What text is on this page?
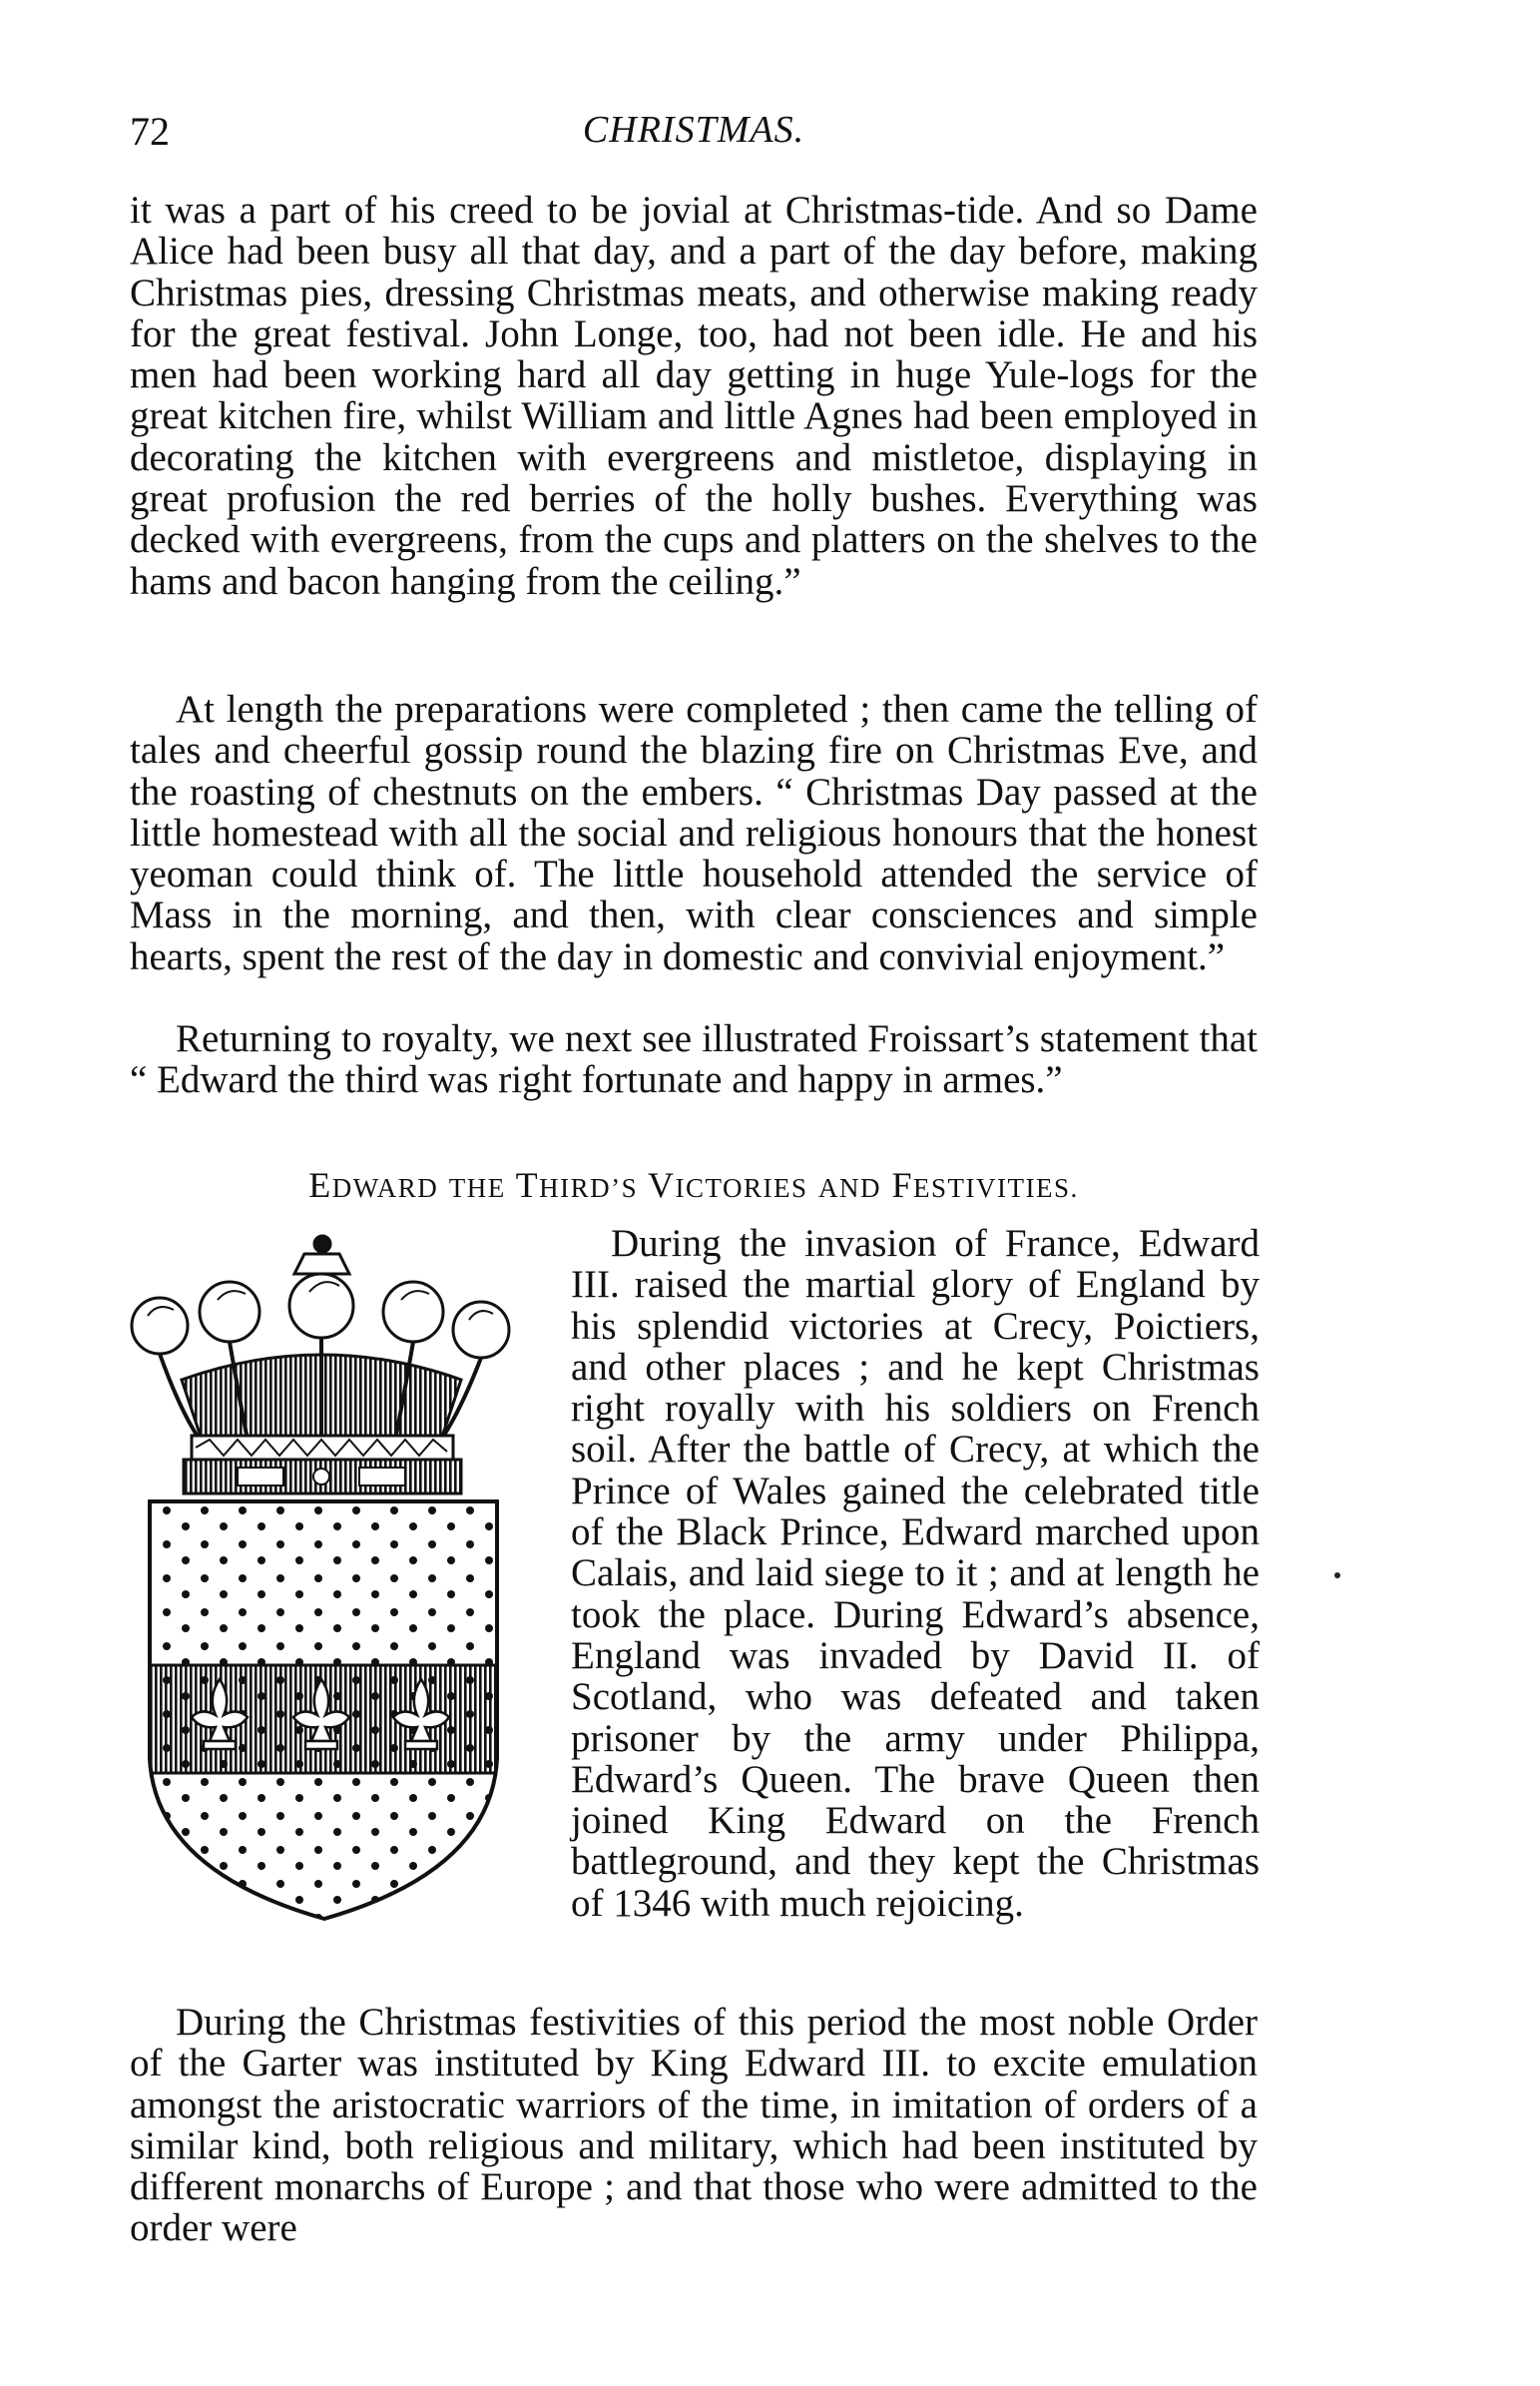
72	CHRISTMAS.

it was a part of his creed to be jovial at Christmas-tide. And so Dame Alice had been busy all that day, and a part of the day before, making Christmas pies, dressing Christmas meats, and otherwise making ready for the great festival. John Longe, too, had not been idle. He and his men had been working hard all day getting in huge Yule-logs for the great kitchen fire, whilst William and little Agnes had been employed in decorating the kitchen with evergreens and mistletoe, displaying in great profusion the red berries of the holly bushes. Everything was decked with evergreens, from the cups and platters on the shelves to the hams and bacon hanging from the ceiling.”

At length the preparations were completed ; then came the telling of tales and cheerful gossip round the blazing fire on Christmas Eve, and the roasting of chestnuts on the embers. “ Christmas Day passed at the little homestead with all the social and religious honours that the honest yeoman could think of. The little household attended the service of Mass in the morning, and then, with clear consciences and simple hearts, spent the rest of the day in domestic and convivial enjoyment.”

Returning to royalty, we next see illustrated Froissart’s statement that “ Edward the third was right fortunate and happy in armes.”

EDWARD THE THIRD’S VICTORIES AND FESTIVITIES.

During the invasion of France, Edward III. raised the martial glory of England by his splendid victories at Crecy, Poictiers, and other places ; and he kept Christmas right royally with his soldiers on French soil. After the battle of Crecy, at which the Prince of Wales gained the celebrated title of the Black Prince, Edward marched upon Calais, and laid siege to it ; and at length he took the place. During Edward’s absence, England was invaded by David II. of Scotland, who was defeated and taken prisoner by the army under Philippa, Edward’s Queen. The brave Queen then joined King Edward on the French battleground, and they kept the Christmas of 1346 with much rejoicing.

During the Christmas festivities of this period the most noble Order of the Garter was instituted by King Edward III. to excite emulation amongst the aristocratic warriors of the time, in imitation of orders of a similar kind, both religious and military, which had been instituted by different monarchs of Europe ; and that those who were admitted to the order were
